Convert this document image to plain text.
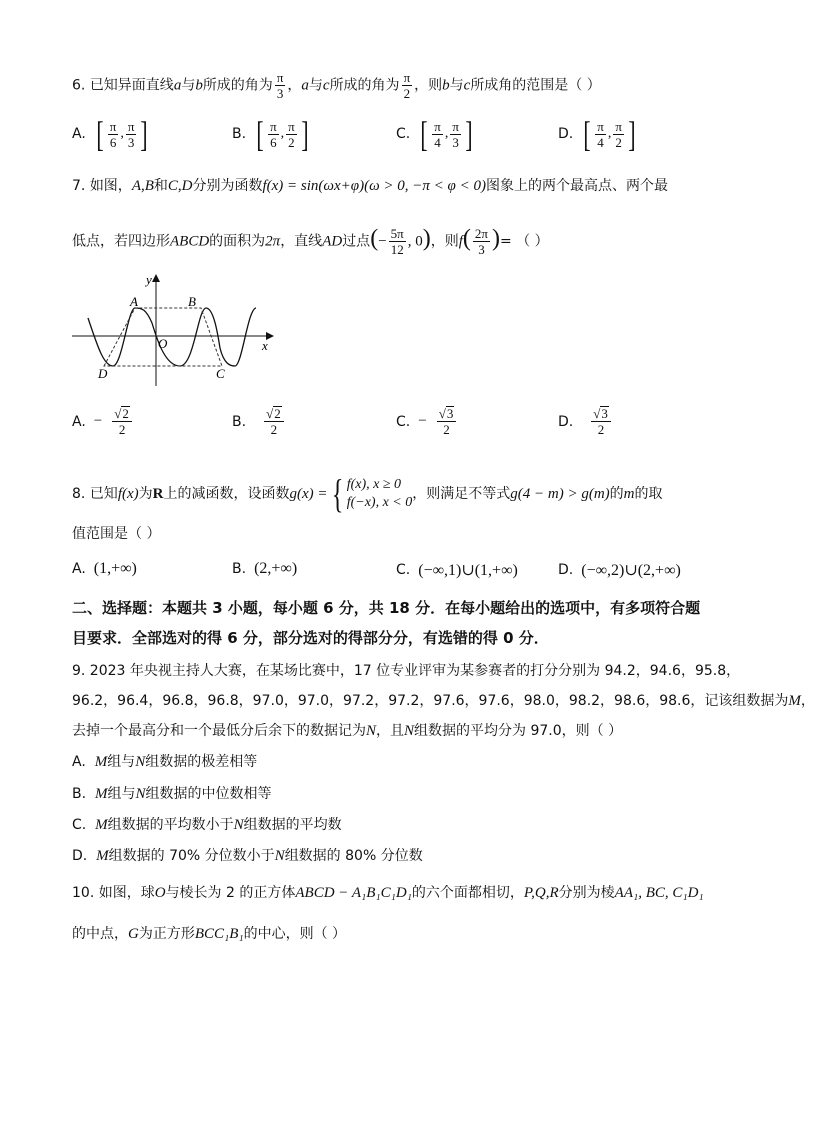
6. 已知异面直线a与b所成的角为 $\frac{\pi}{3}$ ，a与c所成的角为 $\frac{\pi}{2}$ ，则b与c所成角的范围是（ ）
A. [ $\frac{\pi}{6}$ , $\frac{\pi}{3}$ ]	B. [ $\frac{\pi}{6}$ , $\frac{\pi}{2}$ ]	C. [ $\frac{\pi}{4}$ , $\frac{\pi}{3}$ ]	D. [ $\frac{\pi}{4}$ , $\frac{\pi}{2}$ ]
7. 如图，A,B和C,D分别为函数f(x) = sin(ωx+φ)(ω > 0, −π < φ < 0)图象上的两个最高点、两个最
低点，若四边形ABCD的面积为2π，直线AD过点(− $\frac{5\pi}{12}$ , 0)，则$f( \frac{2\pi}{3}$ )= （ ）
y
x
O
A	B
C
D
A. − $\frac{√ 2}{2}$	B. $\frac{√ 2}{2}$	C. − $\frac{√ 3}{2}$	D. $\frac{√ 3}{2}$
8.
已知 f(x) 为 R 上的减函数，设函数 g(x) = { f(x), x ≥ 0
f(−x), x < 0
，则满足不等式 g(4 − m) > g(m) 的 m 的取
值范围是（ ）
A. (1,+∞)	B. (2,+∞)	C. (−∞,1)∪(1,+∞)	D. (−∞,2)∪(2,+∞)
二、选择题：本题共 3 小题，每小题 6 分，共 18 分．在每小题给出的选项中，有多项符合题
目要求．全部选对的得 6 分，部分选对的得部分分，有选错的得 0 分．
9. 2023 年央视主持人大赛，在某场比赛中，17 位专业评审为某参赛者的打分分别为 94.2，94.6，95.8，
96.2，96.4，96.8，96.8，97.0，97.0，97.2，97.2，97.6，97.6，98.0，98.2，98.6，98.6，记该组数据为M，
去掉一个最高分和一个最低分后余下的数据记为N，且N组数据的平均分为 97.0，则（ ）
A. M组与N组数据的极差相等
B. M组与N组数据的中位数相等
C. M组数据的平均数小于N组数据的平均数
D. M组数据的 70% 分位数小于N组数据的 80% 分位数
10. 如图，球O与棱长为 2 的正方体ABCD − A₁B₁C₁D₁的六个面都相切，P,Q,R分别为棱AA₁, BC, C₁D₁
的中点，G为正方形BCC₁B₁的中心，则（ ）
